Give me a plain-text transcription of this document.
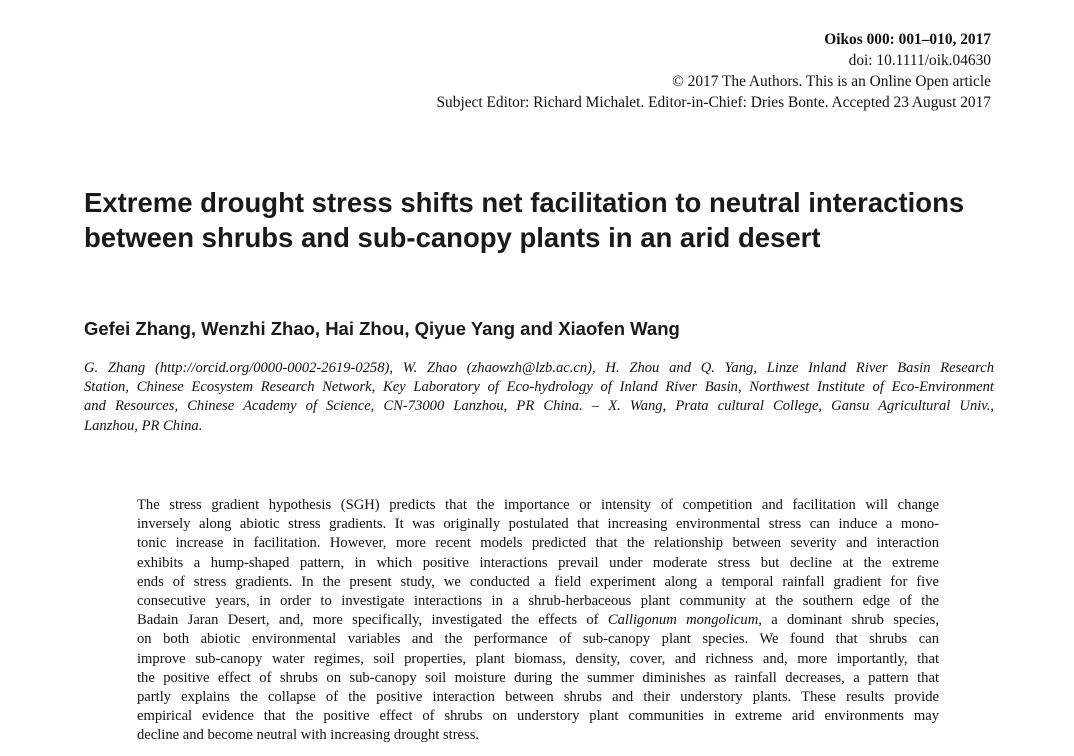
Oikos 000: 001–010, 2017
doi: 10.1111/oik.04630
© 2017 The Authors. This is an Online Open article
Subject Editor: Richard Michalet. Editor-in-Chief: Dries Bonte. Accepted 23 August 2017
Extreme drought stress shifts net facilitation to neutral interactions
between shrubs and sub-canopy plants in an arid desert
Gefei Zhang, Wenzhi Zhao, Hai Zhou, Qiyue Yang and Xiaofen Wang
G. Zhang (http://orcid.org/0000-0002-2619-0258), W. Zhao (zhaowzh@lzb.ac.cn), H. Zhou and Q. Yang, Linze Inland River Basin Research
Station, Chinese Ecosystem Research Network, Key Laboratory of Eco-hydrology of Inland River Basin, Northwest Institute of Eco-Environment
and Resources, Chinese Academy of Science, CN-73000 Lanzhou, PR China. – X. Wang, Prata cultural College, Gansu Agricultural Univ.,
Lanzhou, PR China.
The stress gradient hypothesis (SGH) predicts that the importance or intensity of competition and facilitation will change
inversely along abiotic stress gradients. It was originally postulated that increasing environmental stress can induce a mono-
tonic increase in facilitation. However, more recent models predicted that the relationship between severity and interaction
exhibits a hump-shaped pattern, in which positive interactions prevail under moderate stress but decline at the extreme
ends of stress gradients. In the present study, we conducted a field experiment along a temporal rainfall gradient for five
consecutive years, in order to investigate interactions in a shrub-herbaceous plant community at the southern edge of the
Badain Jaran Desert, and, more specifically, investigated the effects of Calligonum mongolicum, a dominant shrub species,
on both abiotic environmental variables and the performance of sub-canopy plant species. We found that shrubs can
improve sub-canopy water regimes, soil properties, plant biomass, density, cover, and richness and, more importantly, that
the positive effect of shrubs on sub-canopy soil moisture during the summer diminishes as rainfall decreases, a pattern that
partly explains the collapse of the positive interaction between shrubs and their understory plants. These results provide
empirical evidence that the positive effect of shrubs on understory plant communities in extreme arid environments may
decline and become neutral with increasing drought stress.
